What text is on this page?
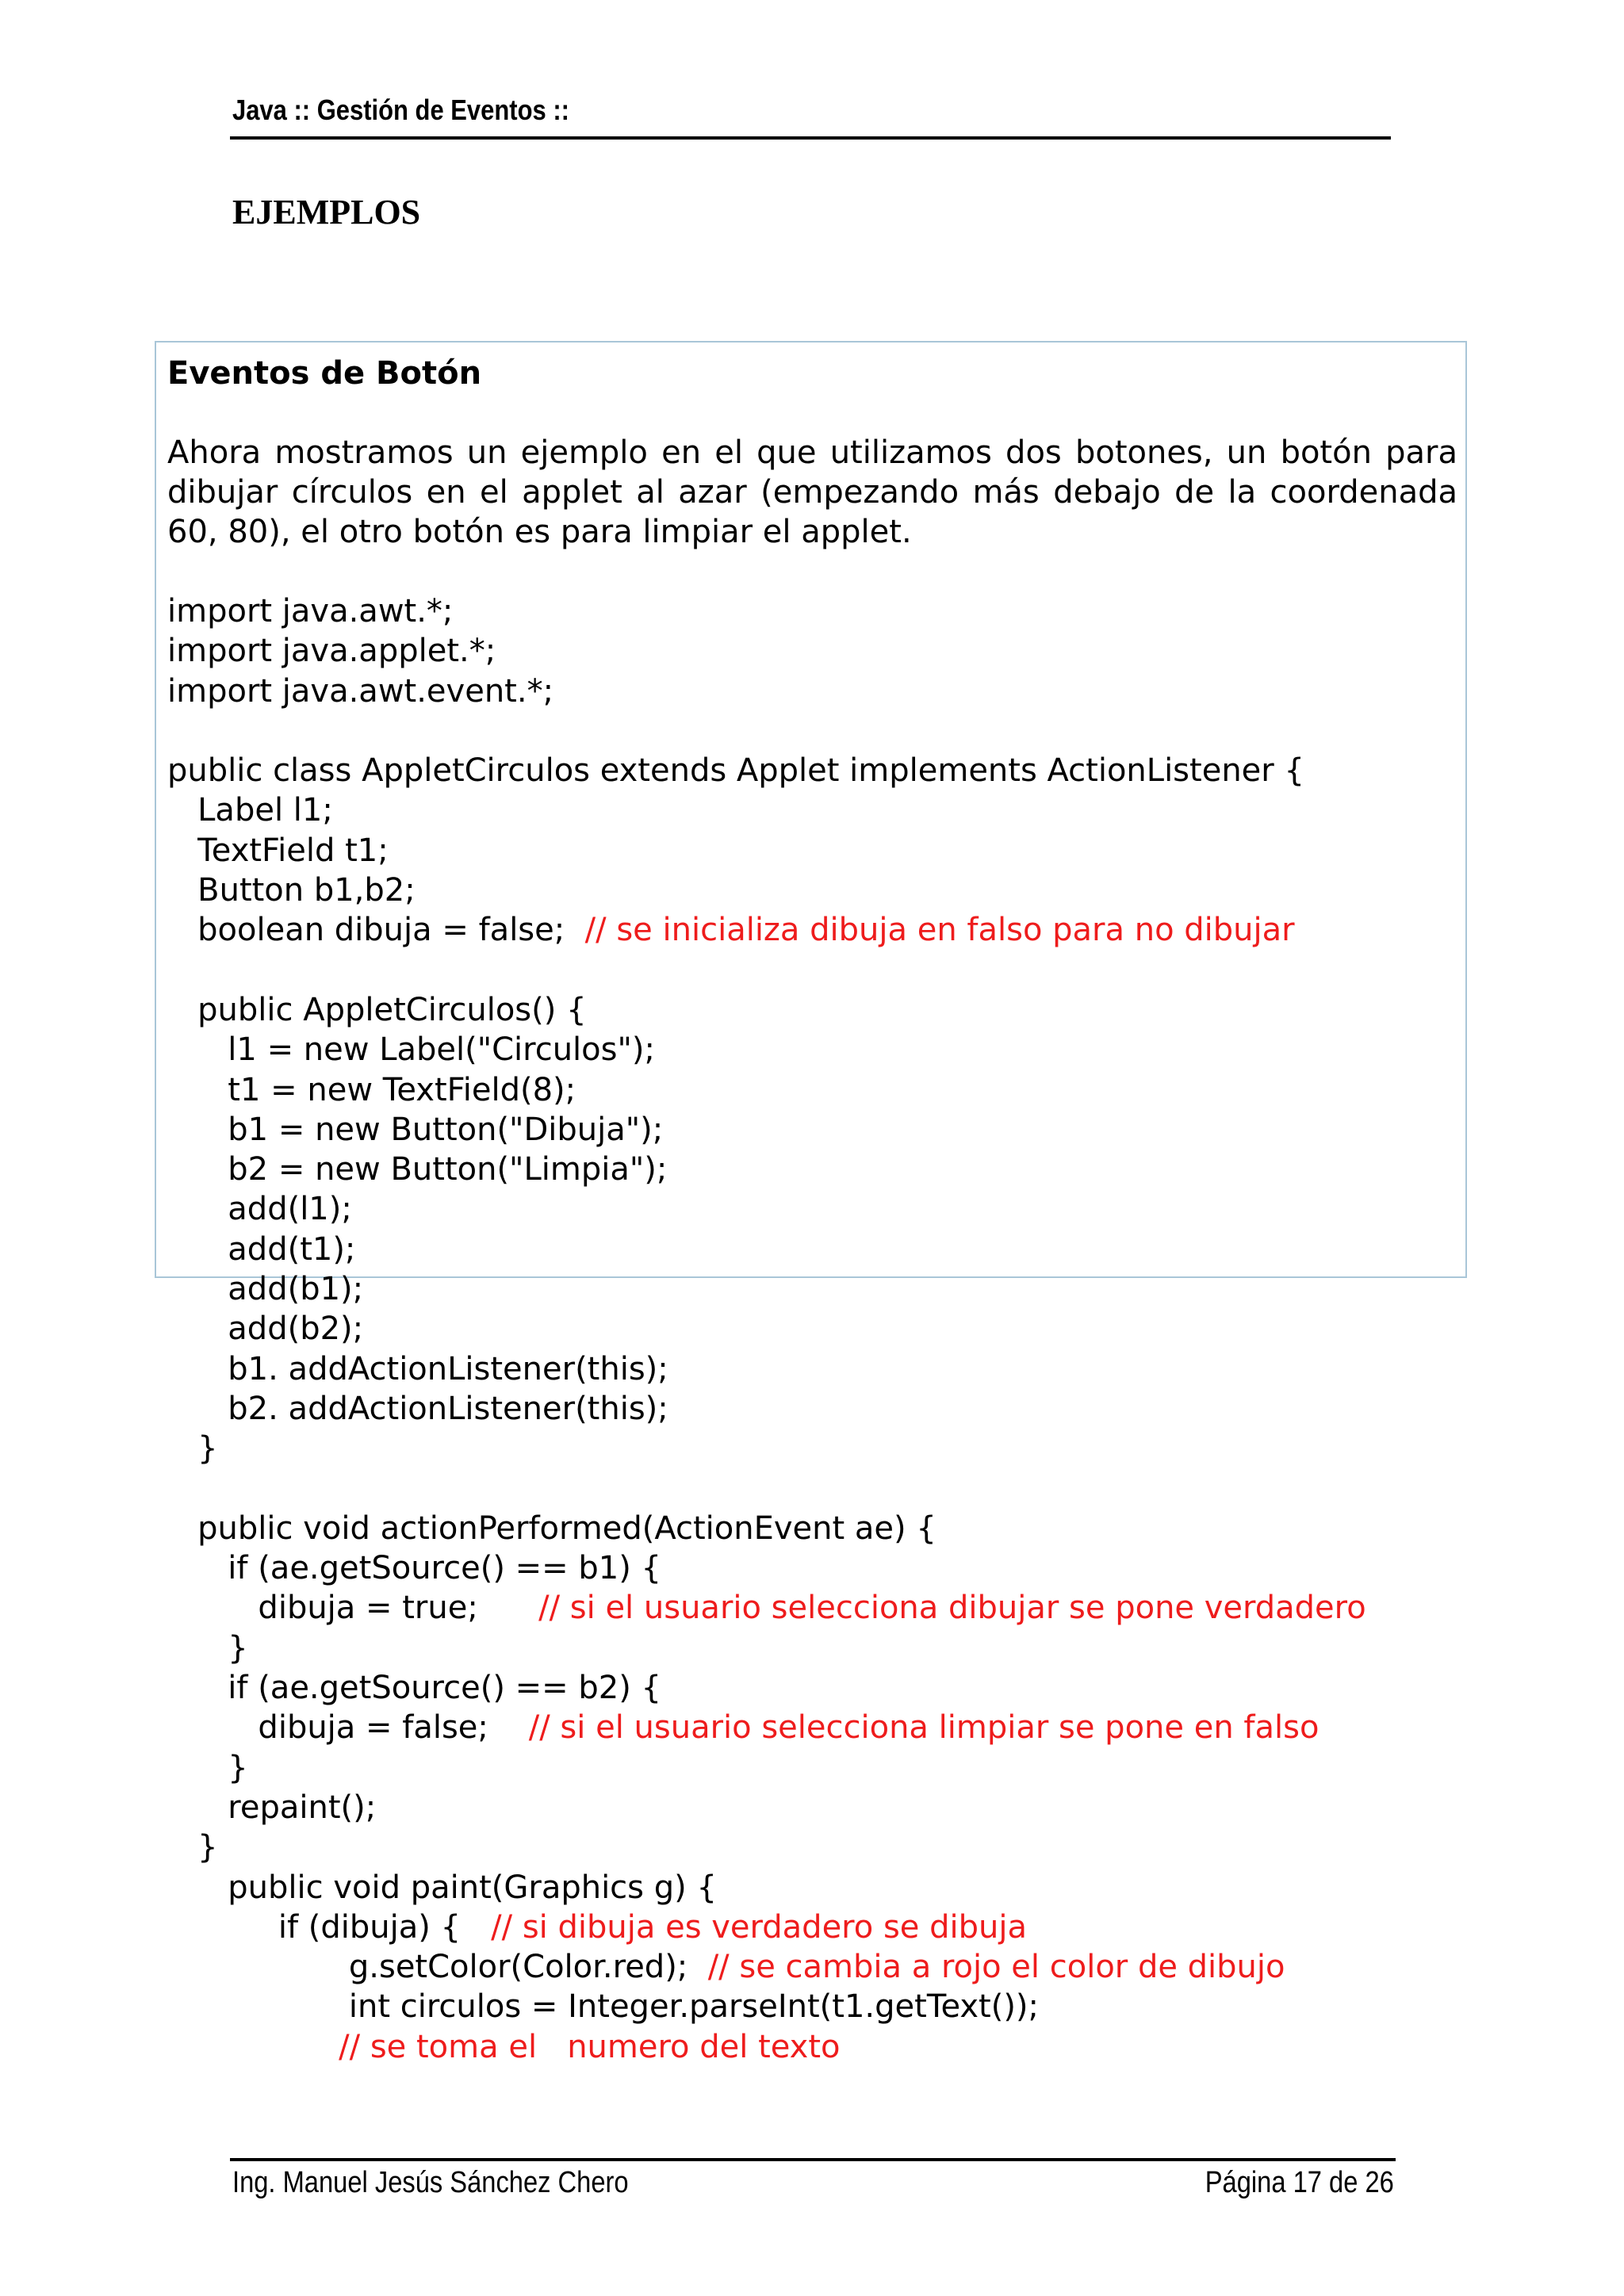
Java :: Gestión de Eventos ::
EJEMPLOS
Eventos de Botón
Ahora mostramos un ejemplo en el que utilizamos dos botones, un botón para dibujar círculos en el applet al azar (empezando más debajo de la coordenada 60, 80), el otro botón es para limpiar el applet.
import java.awt.*;
import java.applet.*;
import java.awt.event.*;
public class AppletCirculos extends Applet implements ActionListener {
Label l1;
TextField t1;
Button b1,b2;
boolean dibuja = false;  // se inicializa dibuja en falso para no dibujar
public AppletCirculos() {
l1 = new Label("Circulos");
t1 = new TextField(8);
b1 = new Button("Dibuja");
b2 = new Button("Limpia");
add(l1);
add(t1);
add(b1);
add(b2);
b1. addActionListener(this);
b2. addActionListener(this);
}
public void actionPerformed(ActionEvent ae) {
if (ae.getSource() == b1) {
dibuja = true;      // si el usuario selecciona dibujar se pone verdadero
}
if (ae.getSource() == b2) {
dibuja = false;    // si el usuario selecciona limpiar se pone en falso
}
repaint();
}
public void paint(Graphics g) {
if (dibuja) {   // si dibuja es verdadero se dibuja
g.setColor(Color.red);  // se cambia a rojo el color de dibujo
int circulos = Integer.parseInt(t1.getText());
// se toma el   numero del texto
Ing. Manuel Jesús Sánchez Chero	Página 17 de 26
